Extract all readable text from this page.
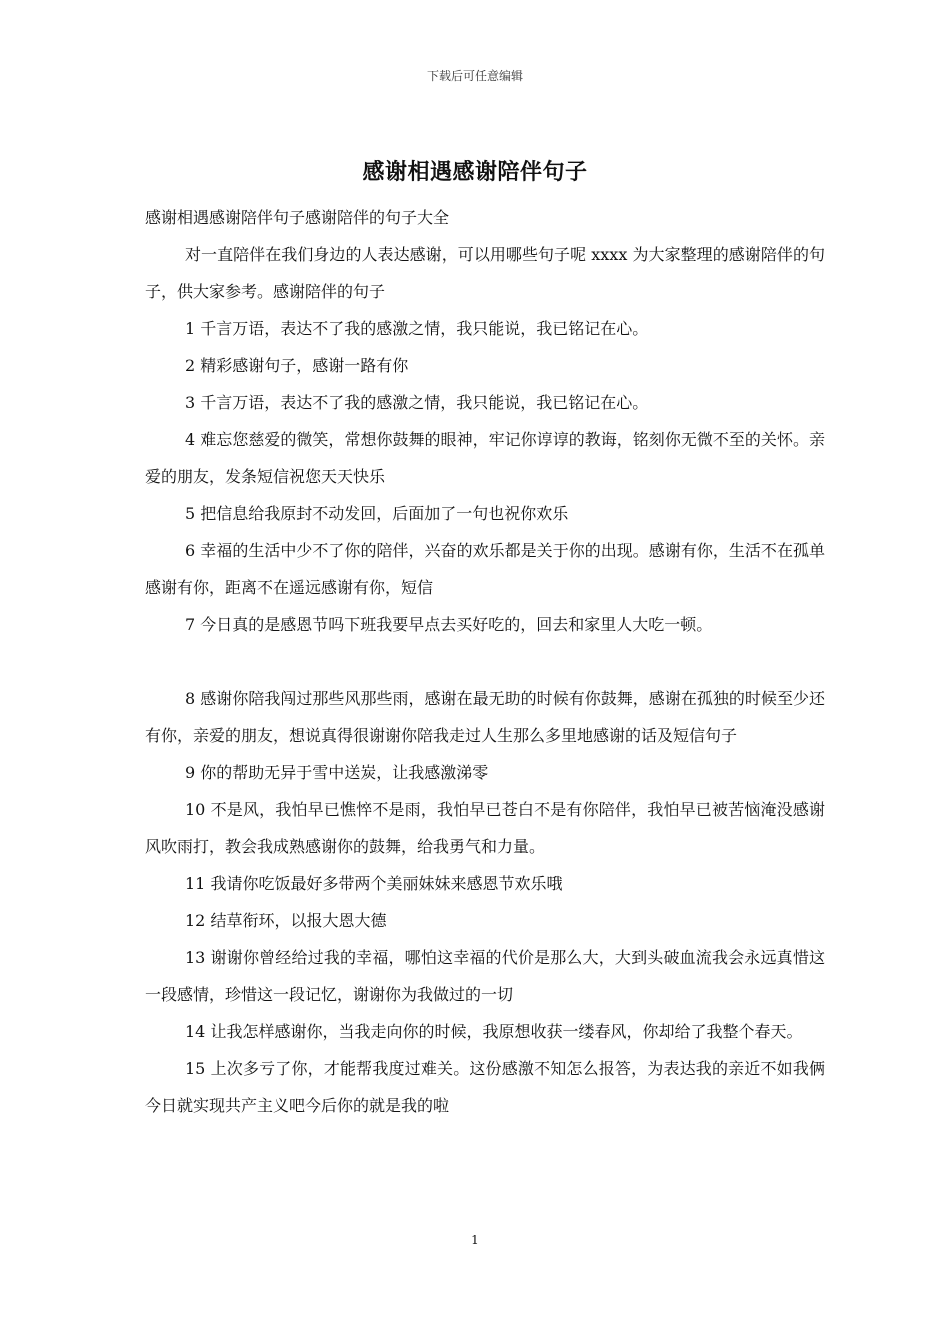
下载后可任意编辑
感谢相遇感谢陪伴句子

感谢相遇感谢陪伴句子感谢陪伴的句子大全

对一直陪伴在我们身边的人表达感谢，可以用哪些句子呢 xxxx 为大家整理的感谢陪伴的句子，供大家参考。感谢陪伴的句子

1 千言万语，表达不了我的感激之情，我只能说，我已铭记在心。

2 精彩感谢句子，感谢一路有你

3 千言万语，表达不了我的感激之情，我只能说，我已铭记在心。

4 难忘您慈爱的微笑，常想你鼓舞的眼神，牢记你谆谆的教诲，铭刻你无微不至的关怀。亲爱的朋友，发条短信祝您天天快乐

5 把信息给我原封不动发回，后面加了一句也祝你欢乐

6 幸福的生活中少不了你的陪伴，兴奋的欢乐都是关于你的出现。感谢有你，生活不在孤单感谢有你，距离不在遥远感谢有你，短信

7 今日真的是感恩节吗下班我要早点去买好吃的，回去和家里人大吃一顿。

8 感谢你陪我闯过那些风那些雨，感谢在最无助的时候有你鼓舞，感谢在孤独的时候至少还有你，亲爱的朋友，想说真得很谢谢你陪我走过人生那么多里地感谢的话及短信句子

9 你的帮助无异于雪中送炭，让我感激涕零

10 不是风，我怕早已憔悴不是雨，我怕早已苍白不是有你陪伴，我怕早已被苦恼淹没感谢风吹雨打，教会我成熟感谢你的鼓舞，给我勇气和力量。

11 我请你吃饭最好多带两个美丽妹妹来感恩节欢乐哦

12 结草衔环，以报大恩大德

13 谢谢你曾经给过我的幸福，哪怕这幸福的代价是那么大，大到头破血流我会永远真惜这一段感情，珍惜这一段记忆，谢谢你为我做过的一切

14 让我怎样感谢你，当我走向你的时候，我原想收获一缕春风，你却给了我整个春天。

15 上次多亏了你，才能帮我度过难关。这份感激不知怎么报答，为表达我的亲近不如我俩今日就实现共产主义吧今后你的就是我的啦

1
